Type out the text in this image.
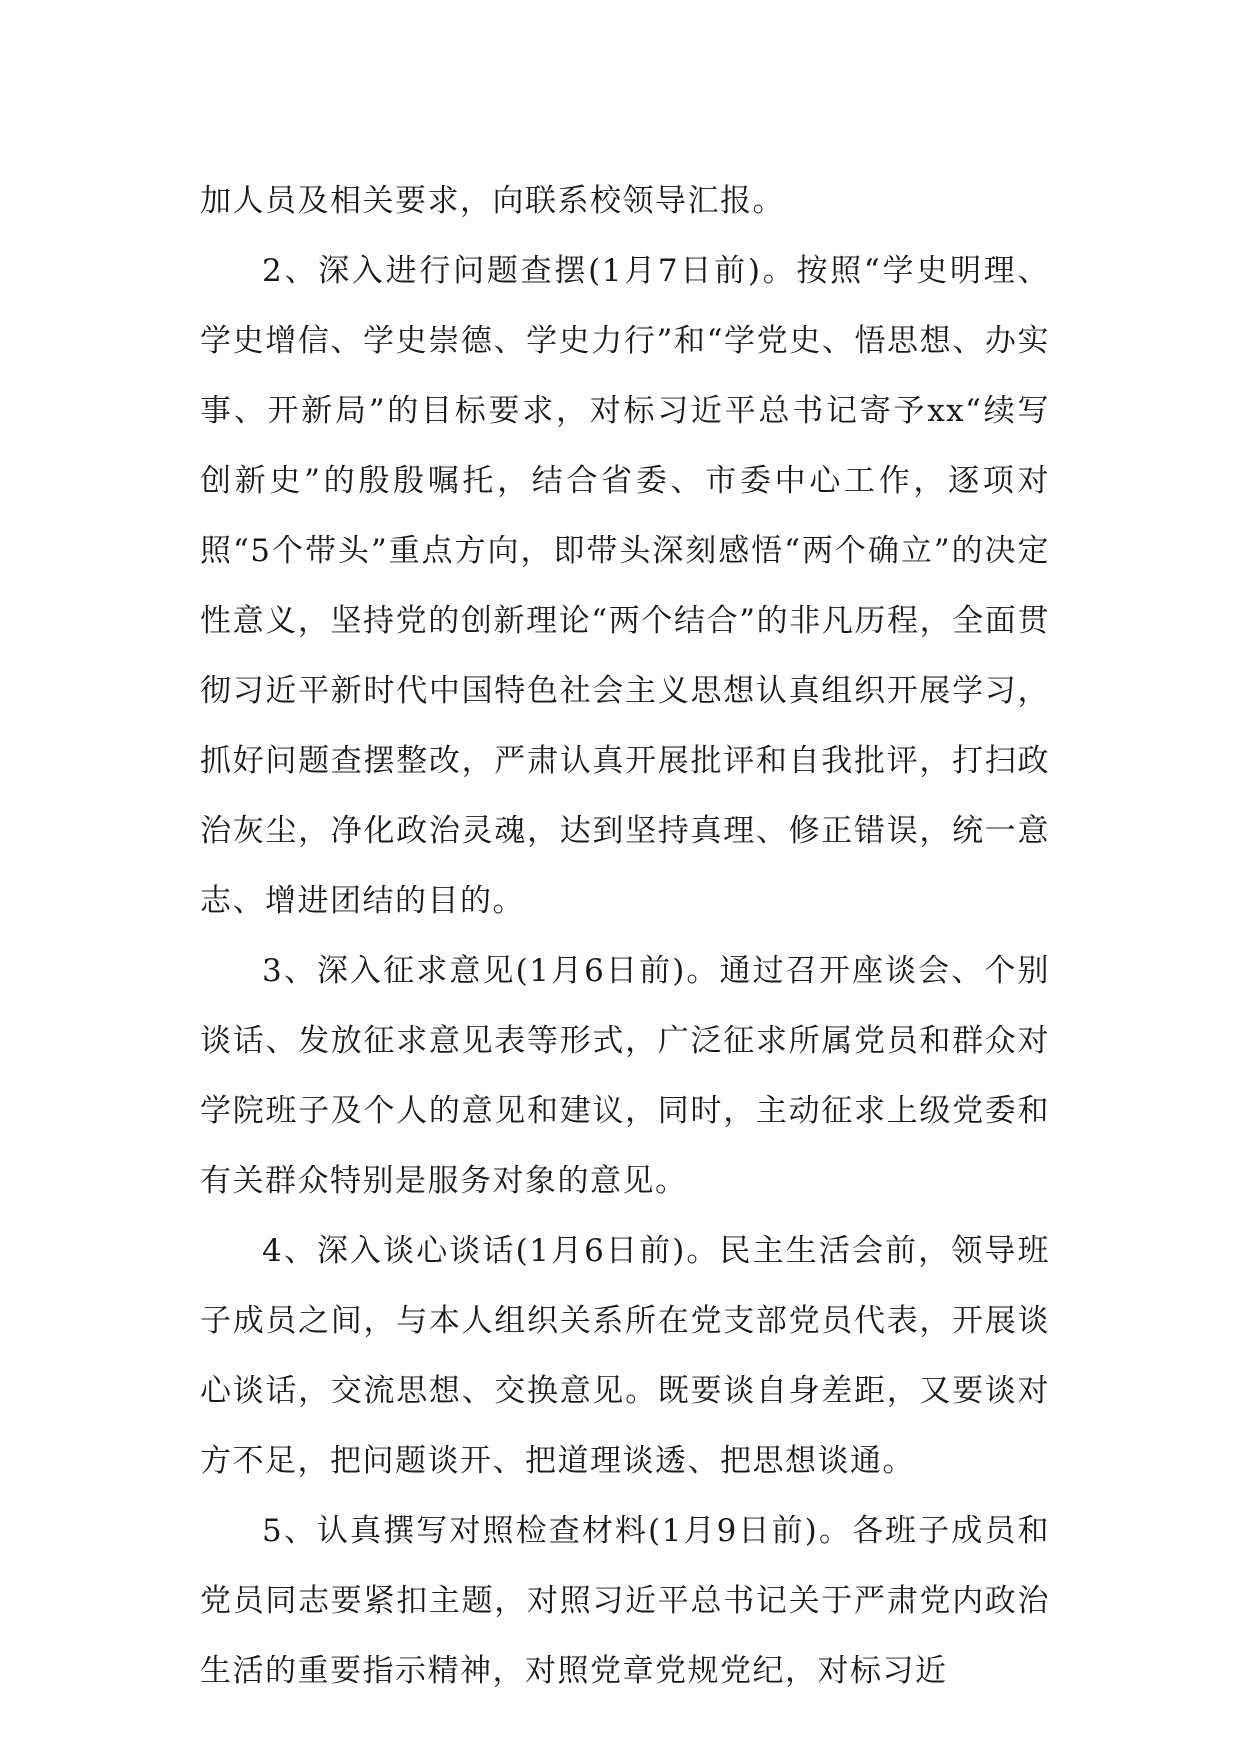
加人员及相关要求，向联系校领导汇报。

2、深入进行问题查摆(1月7日前)。按照“学史明理、学史增信、学史崇德、学史力行”和“学党史、悟思想、办实事、开新局”的目标要求，对标习近平总书记寄予xx“续写创新史”的殷殷嘱托，结合省委、市委中心工作，逐项对照“5个带头”重点方向，即带头深刻感悟“两个确立”的决定性意义，坚持党的创新理论“两个结合”的非凡历程，全面贯彻习近平新时代中国特色社会主义思想认真组织开展学习，抓好问题查摆整改，严肃认真开展批评和自我批评，打扫政治灰尘，净化政治灵魂，达到坚持真理、修正错误，统一意志、增进团结的目的。

3、深入征求意见(1月6日前)。通过召开座谈会、个别谈话、发放征求意见表等形式，广泛征求所属党员和群众对学院班子及个人的意见和建议，同时，主动征求上级党委和有关群众特别是服务对象的意见。

4、深入谈心谈话(1月6日前)。民主生活会前，领导班子成员之间，与本人组织关系所在党支部党员代表，开展谈心谈话，交流思想、交换意见。既要谈自身差距，又要谈对方不足，把问题谈开、把道理谈透、把思想谈通。

5、认真撰写对照检查材料(1月9日前)。各班子成员和党员同志要紧扣主题，对照习近平总书记关于严肃党内政治生活的重要指示精神，对照党章党规党纪，对标习近
